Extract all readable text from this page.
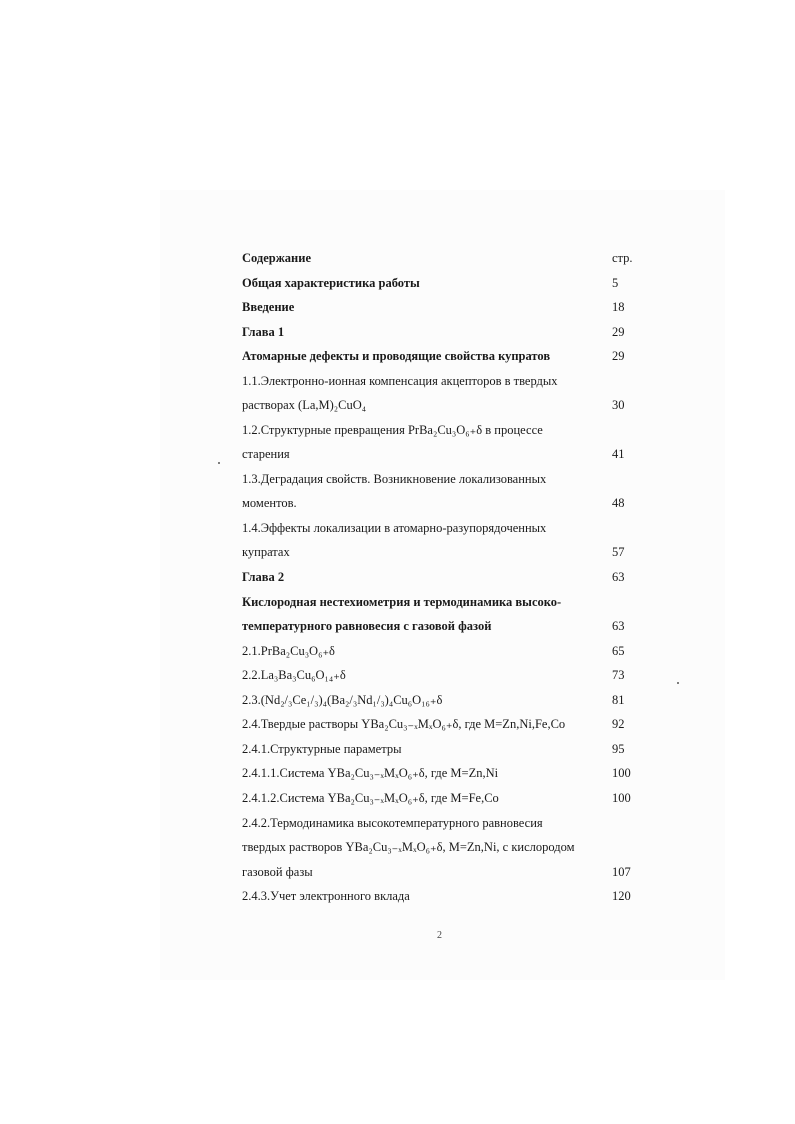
Содержание	стр.
Общая характеристика работы	5
Введение	18
Глава 1	29
Атомарные дефекты и проводящие свойства купратов	29
1.1.Электронно-ионная компенсация акцепторов в твердых
растворах (La,M)₂CuO₄	30
1.2.Структурные превращения PrBa₂Cu₃O₆₊δ в процессе
старения	41
1.3.Деградация свойств. Возникновение локализованных
моментов.	48
1.4.Эффекты локализации в атомарно-разупорядоченных
купратах	57
Глава 2	63
Кислородная нестехиометрия и термодинамика высоко-
температурного равновесия с газовой фазой	63
2.1.PrBa₂Cu₃O₆₊δ	65
2.2.La₃Ba₃Cu₆O₁₄₊δ	73
2.3.(Nd₂/₃Ce₁/₃)₄(Ba₂/₃Nd₁/₃)₄Cu₆O₁₆₊δ	81
2.4.Твердые растворы YBa₂Cu₃₋ₓMₓO₆₊δ, где M=Zn,Ni,Fe,Co	92
2.4.1.Структурные параметры	95
2.4.1.1.Система YBa₂Cu₃₋ₓMₓO₆₊δ, где M=Zn,Ni	100
2.4.1.2.Система YBa₂Cu₃₋ₓMₓO₆₊δ, где M=Fe,Co	100
2.4.2.Термодинамика высокотемпературного равновесия
твердых растворов YBa₂Cu₃₋ₓMₓO₆₊δ, M=Zn,Ni, с кислородом
газовой фазы	107
2.4.3.Учет электронного вклада	120
2
